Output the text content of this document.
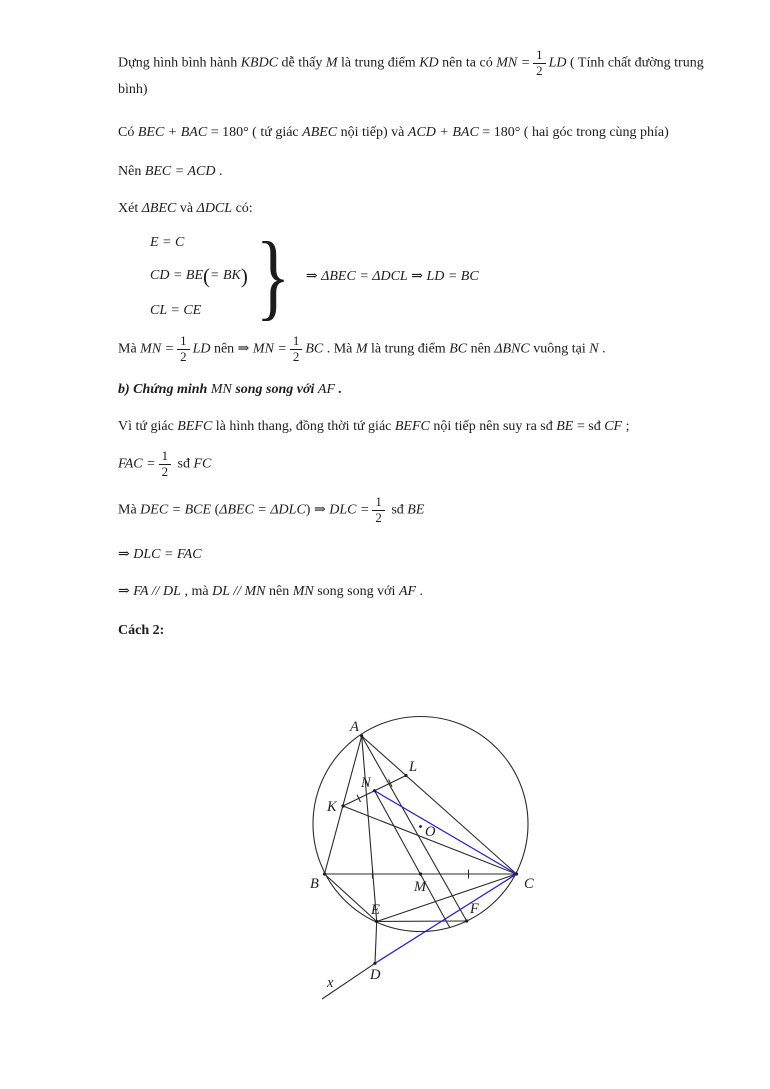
Dựng hình bình hành KBDC dễ thấy M là trung điểm KD nên ta có MN = $\frac{1}{2}$ LD ( Tính chất đường trung bình)

Có BEC + BAC = 180° ( tứ giác ABEC nội tiếp) và ACD + BAC = 180° ( hai góc trong cùng phía)

Nên BEC = ACD .

Xét ΔBEC và ΔDCL có:

E = C
CD = BE(= BK)
CL = CE } ⇒ ΔBEC = ΔDCL ⇒ LD = BC

Mà MN = $\frac{1}{2}$ LD nên ⇒ MN = $\frac{1}{2}$ BC . Mà M là trung điểm BC nên ΔBNC vuông tại N .

b) Chứng minh MN song song với AF .

Vì tứ giác BEFC là hình thang, đồng thời tứ giác BEFC nội tiếp nên suy ra sđ BE = sđ CF ;

FAC = $\frac{1}{2}$ sđ FC

Mà DEC = BCE (ΔBEC = ΔDLC) ⇒ DLC = $\frac{1}{2}$ sđ BE

⇒ DLC = FAC

⇒ FA // DL , mà DL // MN nên MN song song với AF .

Cách 2:

A
B	C
D
E	F
K
L
M
N
O
x
